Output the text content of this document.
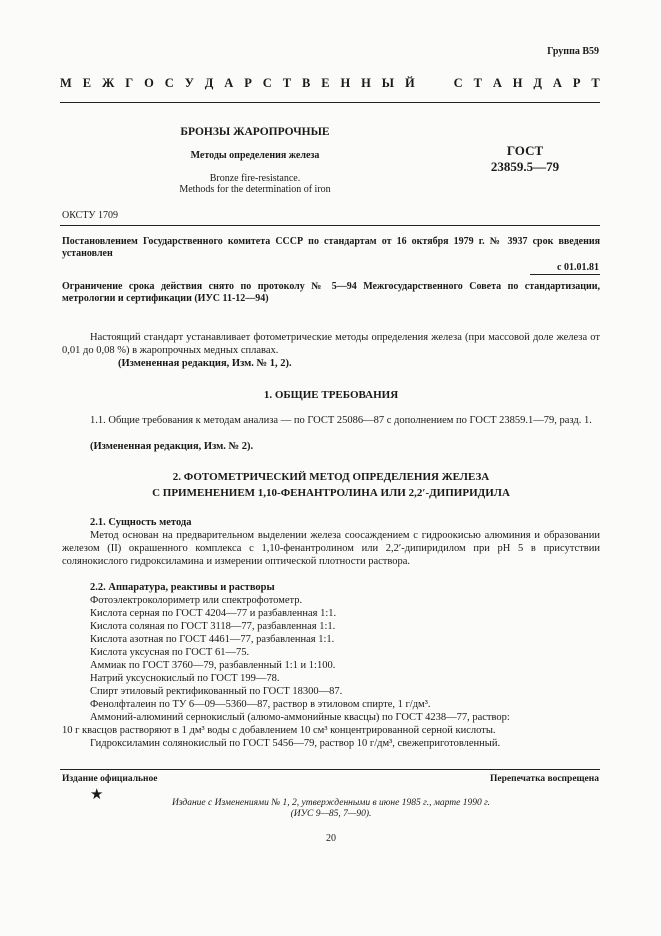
Группа В59
М Е Ж Г О С У Д А Р С Т В Е Н Н Ы Й

	С Т А Н Д А Р Т
БРОНЗЫ ЖАРОПРОЧНЫЕ
Методы определения железа
Bronze fire-resistance.
Methods for the determination of iron
ГОСТ
23859.5—79
ОКСТУ 1709
Постановлением Государственного комитета СССР по стандартам от 16 октября 1979 г. № 3937 срок введения установлен
с 01.01.81
Ограничение срока действия снято по протоколу № 5—94 Межгосударственного Совета по стандартизации, метрологии и сертификации (ИУС 11-12—94)
Настоящий стандарт устанавливает фотометрические методы определения железа (при массовой доле железа от 0,01 до 0,08 %) в жаропрочных медных сплавах.
(Измененная редакция, Изм. № 1, 2).
1. ОБЩИЕ ТРЕБОВАНИЯ
1.1. Общие требования к методам анализа — по ГОСТ 25086—87 с дополнением по ГОСТ 23859.1—79, разд. 1.
(Измененная редакция, Изм. № 2).
2. ФОТОМЕТРИЧЕСКИЙ МЕТОД ОПРЕДЕЛЕНИЯ ЖЕЛЕЗА
С ПРИМЕНЕНИЕМ 1,10-ФЕНАНТРОЛИНА ИЛИ 2,2′-ДИПИРИДИЛА
2.1. Сущность метода
Метод основан на предварительном выделении железа соосаждением с гидроокисью алюминия и образовании железом (II) окрашенного комплекса с 1,10-фенантролином или 2,2′-дипиридилом при pH 5 в присутствии солянокислого гидроксиламина и измерении оптической плотности раствора.
2.2. Аппаратура, реактивы и растворы
Фотоэлектроколориметр или спектрофотометр.
Кислота серная по ГОСТ 4204—77 и разбавленная 1:1.
Кислота соляная по ГОСТ 3118—77, разбавленная 1:1.
Кислота азотная по ГОСТ 4461—77, разбавленная 1:1.
Кислота уксусная по ГОСТ 61—75.
Аммиак по ГОСТ 3760—79, разбавленный 1:1 и 1:100.
Натрий уксуснокислый по ГОСТ 199—78.
Спирт этиловый ректификованный по ГОСТ 18300—87.
Фенолфталеин по ТУ 6—09—5360—87, раствор в этиловом спирте, 1 г/дм³.
Аммоний-алюминий сернокислый (алюмо-аммонийные квасцы) по ГОСТ 4238—77, раствор:
10 г квасцов растворяют в 1 дм³ воды с добавлением 10 см³ концентрированной серной кислоты.
Гидроксиламин солянокислый по ГОСТ 5456—79, раствор 10 г/дм³, свежеприготовленный.
Издание официальное	Перепечатка воспрещена
★	Издание с Изменениями № 1, 2, утвержденными в июне 1985 г., марте 1990 г.
(ИУС 9—85, 7—90).
20
